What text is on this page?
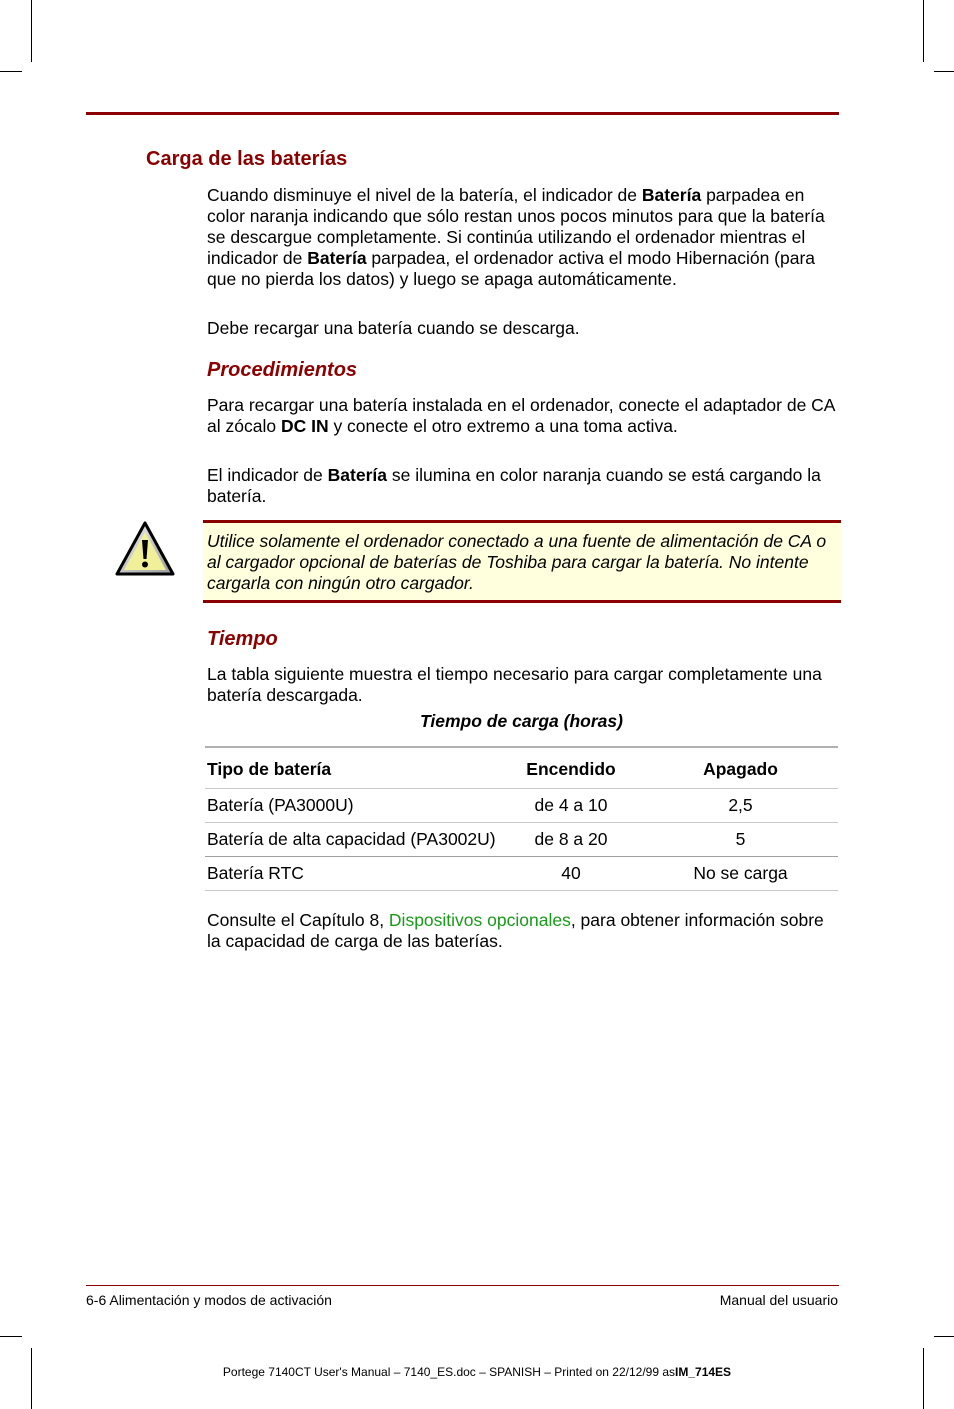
Carga de las baterías

Cuando disminuye el nivel de la batería, el indicador de Batería parpadea en color naranja indicando que sólo restan unos pocos minutos para que la batería se descargue completamente. Si continúa utilizando el ordenador mientras el indicador de Batería parpadea, el ordenador activa el modo Hibernación (para que no pierda los datos) y luego se apaga automáticamente.

Debe recargar una batería cuando se descarga.

Procedimientos

Para recargar una batería instalada en el ordenador, conecte el adaptador de CA al zócalo DC IN y conecte el otro extremo a una toma activa.

El indicador de Batería se ilumina en color naranja cuando se está cargando la batería.

Utilice solamente el ordenador conectado a una fuente de alimentación de CA o al cargador opcional de baterías de Toshiba para cargar la batería. No intente cargarla con ningún otro cargador.

Tiempo

La tabla siguiente muestra el tiempo necesario para cargar completamente una batería descargada.

Tiempo de carga (horas)
Tipo de batería	Encendido	Apagado
Batería (PA3000U)	de 4 a 10	2,5
Batería de alta capacidad (PA3002U)	de 8 a 20	5
Batería RTC	40	No se carga

Consulte el Capítulo 8, Dispositivos opcionales, para obtener información sobre la capacidad de carga de las baterías.

6-6 Alimentación y modos de activación	Manual del usuario
Portege 7140CT User's Manual – 7140_ES.doc – SPANISH – Printed on 22/12/99 asIM_714ES
